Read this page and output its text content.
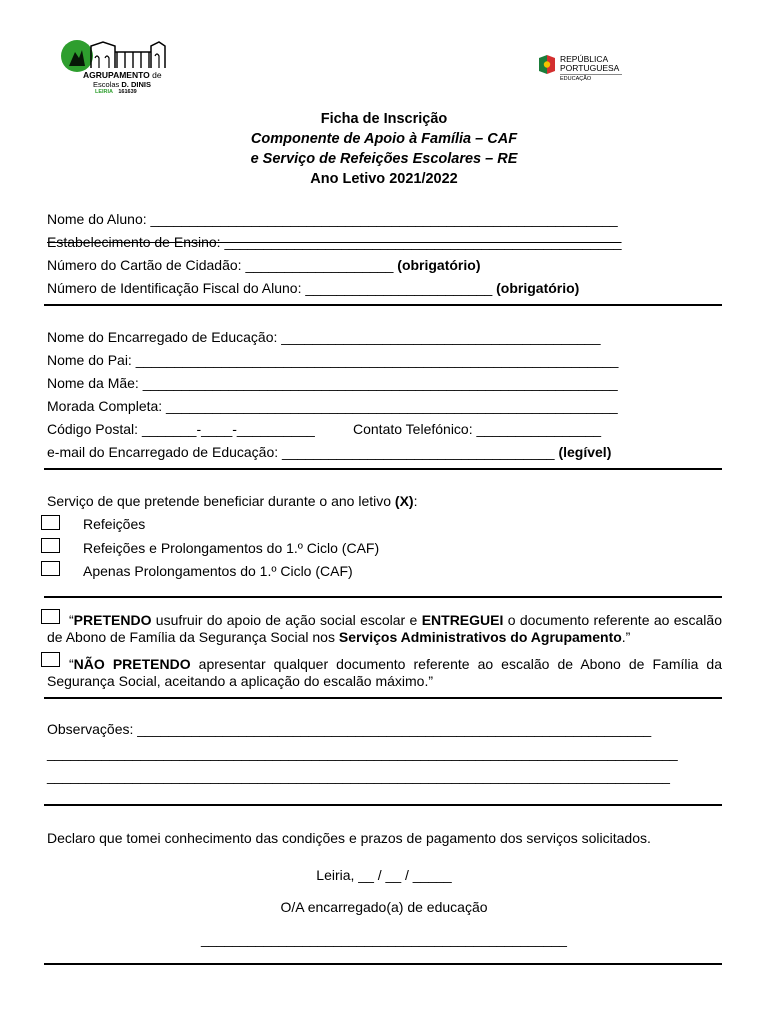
AGRUPAMENTO de
Escolas D. DINIS
LEIRIA 161639
REPÚBLICA
PORTUGUESA
EDUCAÇÃO
Ficha de Inscrição
Componente de Apoio à Família – CAF
e Serviço de Refeições Escolares – RE
Ano Letivo 2021/2022
Nome do Aluno: ____________________________________________________________
Estabelecimento de Ensino: ___________________________________________________
Número do Cartão de Cidadão: ___________________ (obrigatório)
Número de Identificação Fiscal do Aluno: ________________________ (obrigatório)
Nome do Encarregado de Educação: _________________________________________
Nome do Pai: ______________________________________________________________
Nome da Mãe: _____________________________________________________________
Morada Completa: __________________________________________________________
Código Postal: _______-____-__________	Contato Telefónico: ________________
e-mail do Encarregado de Educação: ___________________________________ (legível)
Serviço de que pretende beneficiar durante o ano letivo (X):
Refeições
Refeições e Prolongamentos do 1.º Ciclo (CAF)
Apenas Prolongamentos do 1.º Ciclo (CAF)
“PRETENDO usufruir do apoio de ação social escolar e ENTREGUEI o documento referente ao escalão de Abono de Família da Segurança Social nos Serviços Administrativos do Agrupamento.”
“NÃO PRETENDO apresentar qualquer documento referente ao escalão de Abono de Família da Segurança Social, aceitando a aplicação do escalão máximo.”
Observações: __________________________________________________________________
_________________________________________________________________________________
________________________________________________________________________________
Declaro que tomei conhecimento das condições e prazos de pagamento dos serviços solicitados.
Leiria, __ / __ / _____
O/A encarregado(a) de educação
_______________________________________________
